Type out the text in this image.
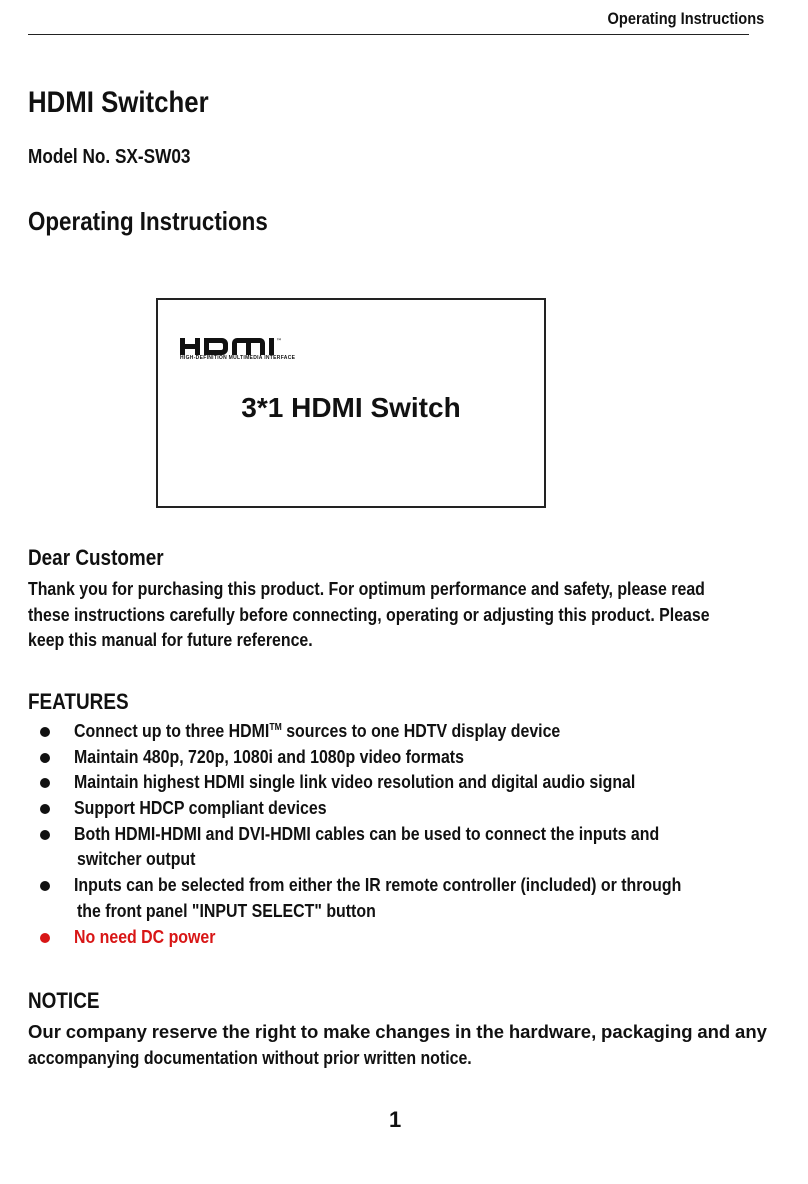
Operating Instructions
HDMI Switcher
Model No. SX-SW03
Operating Instructions
™
HIGH-DEFINITION MULTIMEDIA INTERFACE
3*1 HDMI Switch
Dear Customer
Thank you for purchasing this product. For optimum performance and safety, please read
these instructions carefully before connecting, operating or adjusting this product. Please
keep this manual for future reference.
FEATURES
Connect up to three HDMI™ sources to one HDTV display device
Maintain 480p, 720p, 1080i and 1080p video formats
Maintain highest HDMI single link video resolution and digital audio signal
Support HDCP compliant devices
Both HDMI-HDMI and DVI-HDMI cables can be used to connect the inputs and
switcher output
Inputs can be selected from either the IR remote controller (included) or through
the front panel "INPUT SELECT" button
No need DC power
NOTICE
Our company reserve the right to make changes in the hardware, packaging and any
accompanying documentation without prior written notice.
1
